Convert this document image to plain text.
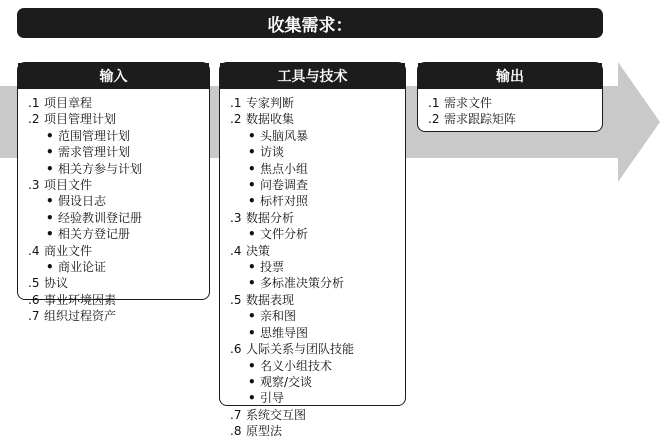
收集需求：
输入
.1 项目章程
.2 项目管理计划
• 范围管理计划
• 需求管理计划
• 相关方参与计划
.3 项目文件
• 假设日志
• 经验教训登记册
• 相关方登记册
.4 商业文件
• 商业论证
.5 协议
.6 事业环境因素
.7 组织过程资产
工具与技术
.1 专家判断
.2 数据收集
• 头脑风暴
• 访谈
• 焦点小组
• 问卷调查
• 标杆对照
.3 数据分析
• 文件分析
.4 决策
• 投票
• 多标准决策分析
.5 数据表现
• 亲和图
• 思维导图
.6 人际关系与团队技能
• 名义小组技术
• 观察/交谈
• 引导
.7 系统交互图
.8 原型法
输出
.1 需求文件
.2 需求跟踪矩阵
